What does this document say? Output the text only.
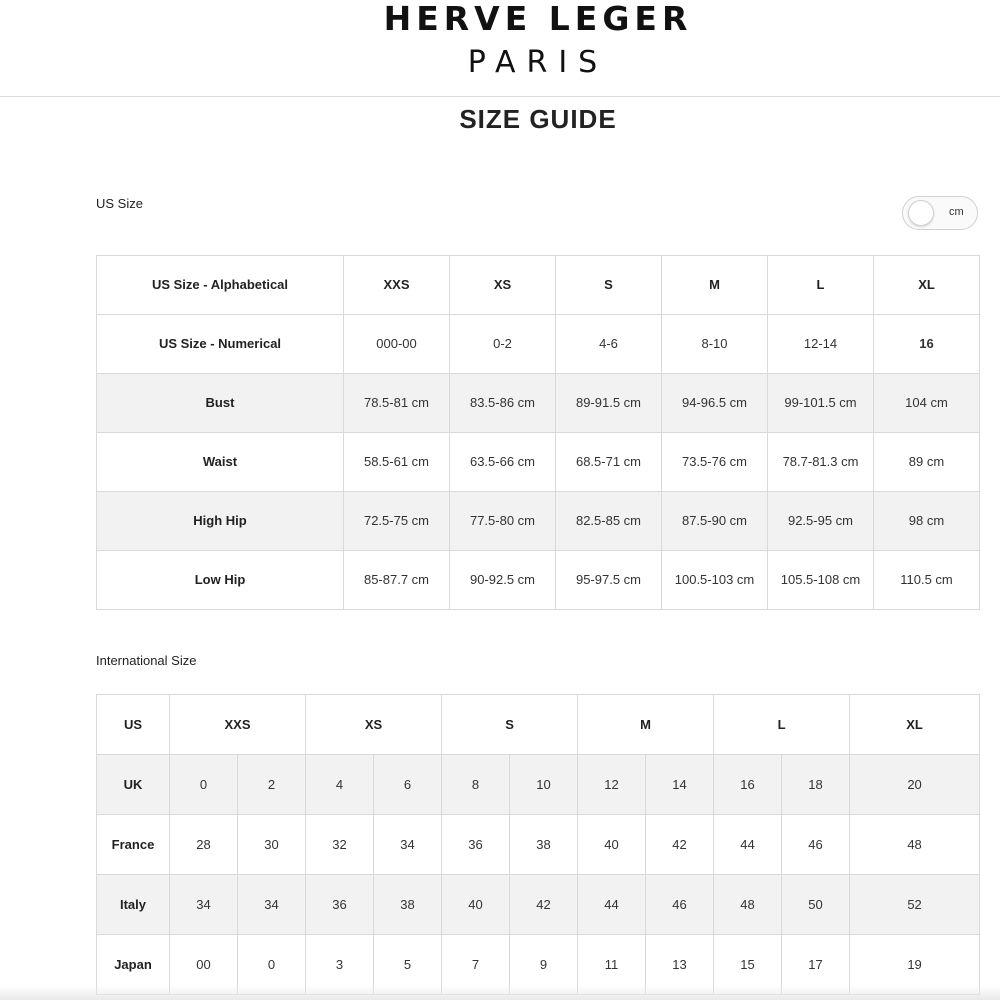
HERVE LEGER
PARIS
SIZE GUIDE
US Size
cm
US Size - Alphabetical	XXS	XS	S	M	L	XL
US Size - Numerical	000-00	0-2	4-6	8-10	12-14	16
Bust	78.5-81 cm	83.5-86 cm	89-91.5 cm	94-96.5 cm	99-101.5 cm	104 cm
Waist	58.5-61 cm	63.5-66 cm	68.5-71 cm	73.5-76 cm	78.7-81.3 cm	89 cm
High Hip	72.5-75 cm	77.5-80 cm	82.5-85 cm	87.5-90 cm	92.5-95 cm	98 cm
Low Hip	85-87.7 cm	90-92.5 cm	95-97.5 cm	100.5-103 cm	105.5-108 cm	110.5 cm
International Size
US	XXS		XS		S		M		L		XL
UK	0	2	4	6	8	10	12	14	16	18	20
France	28	30	32	34	36	38	40	42	44	46	48
Italy	34	34	36	38	40	42	44	46	48	50	52
Japan	00	0	3	5	7	9	11	13	15	17	19
